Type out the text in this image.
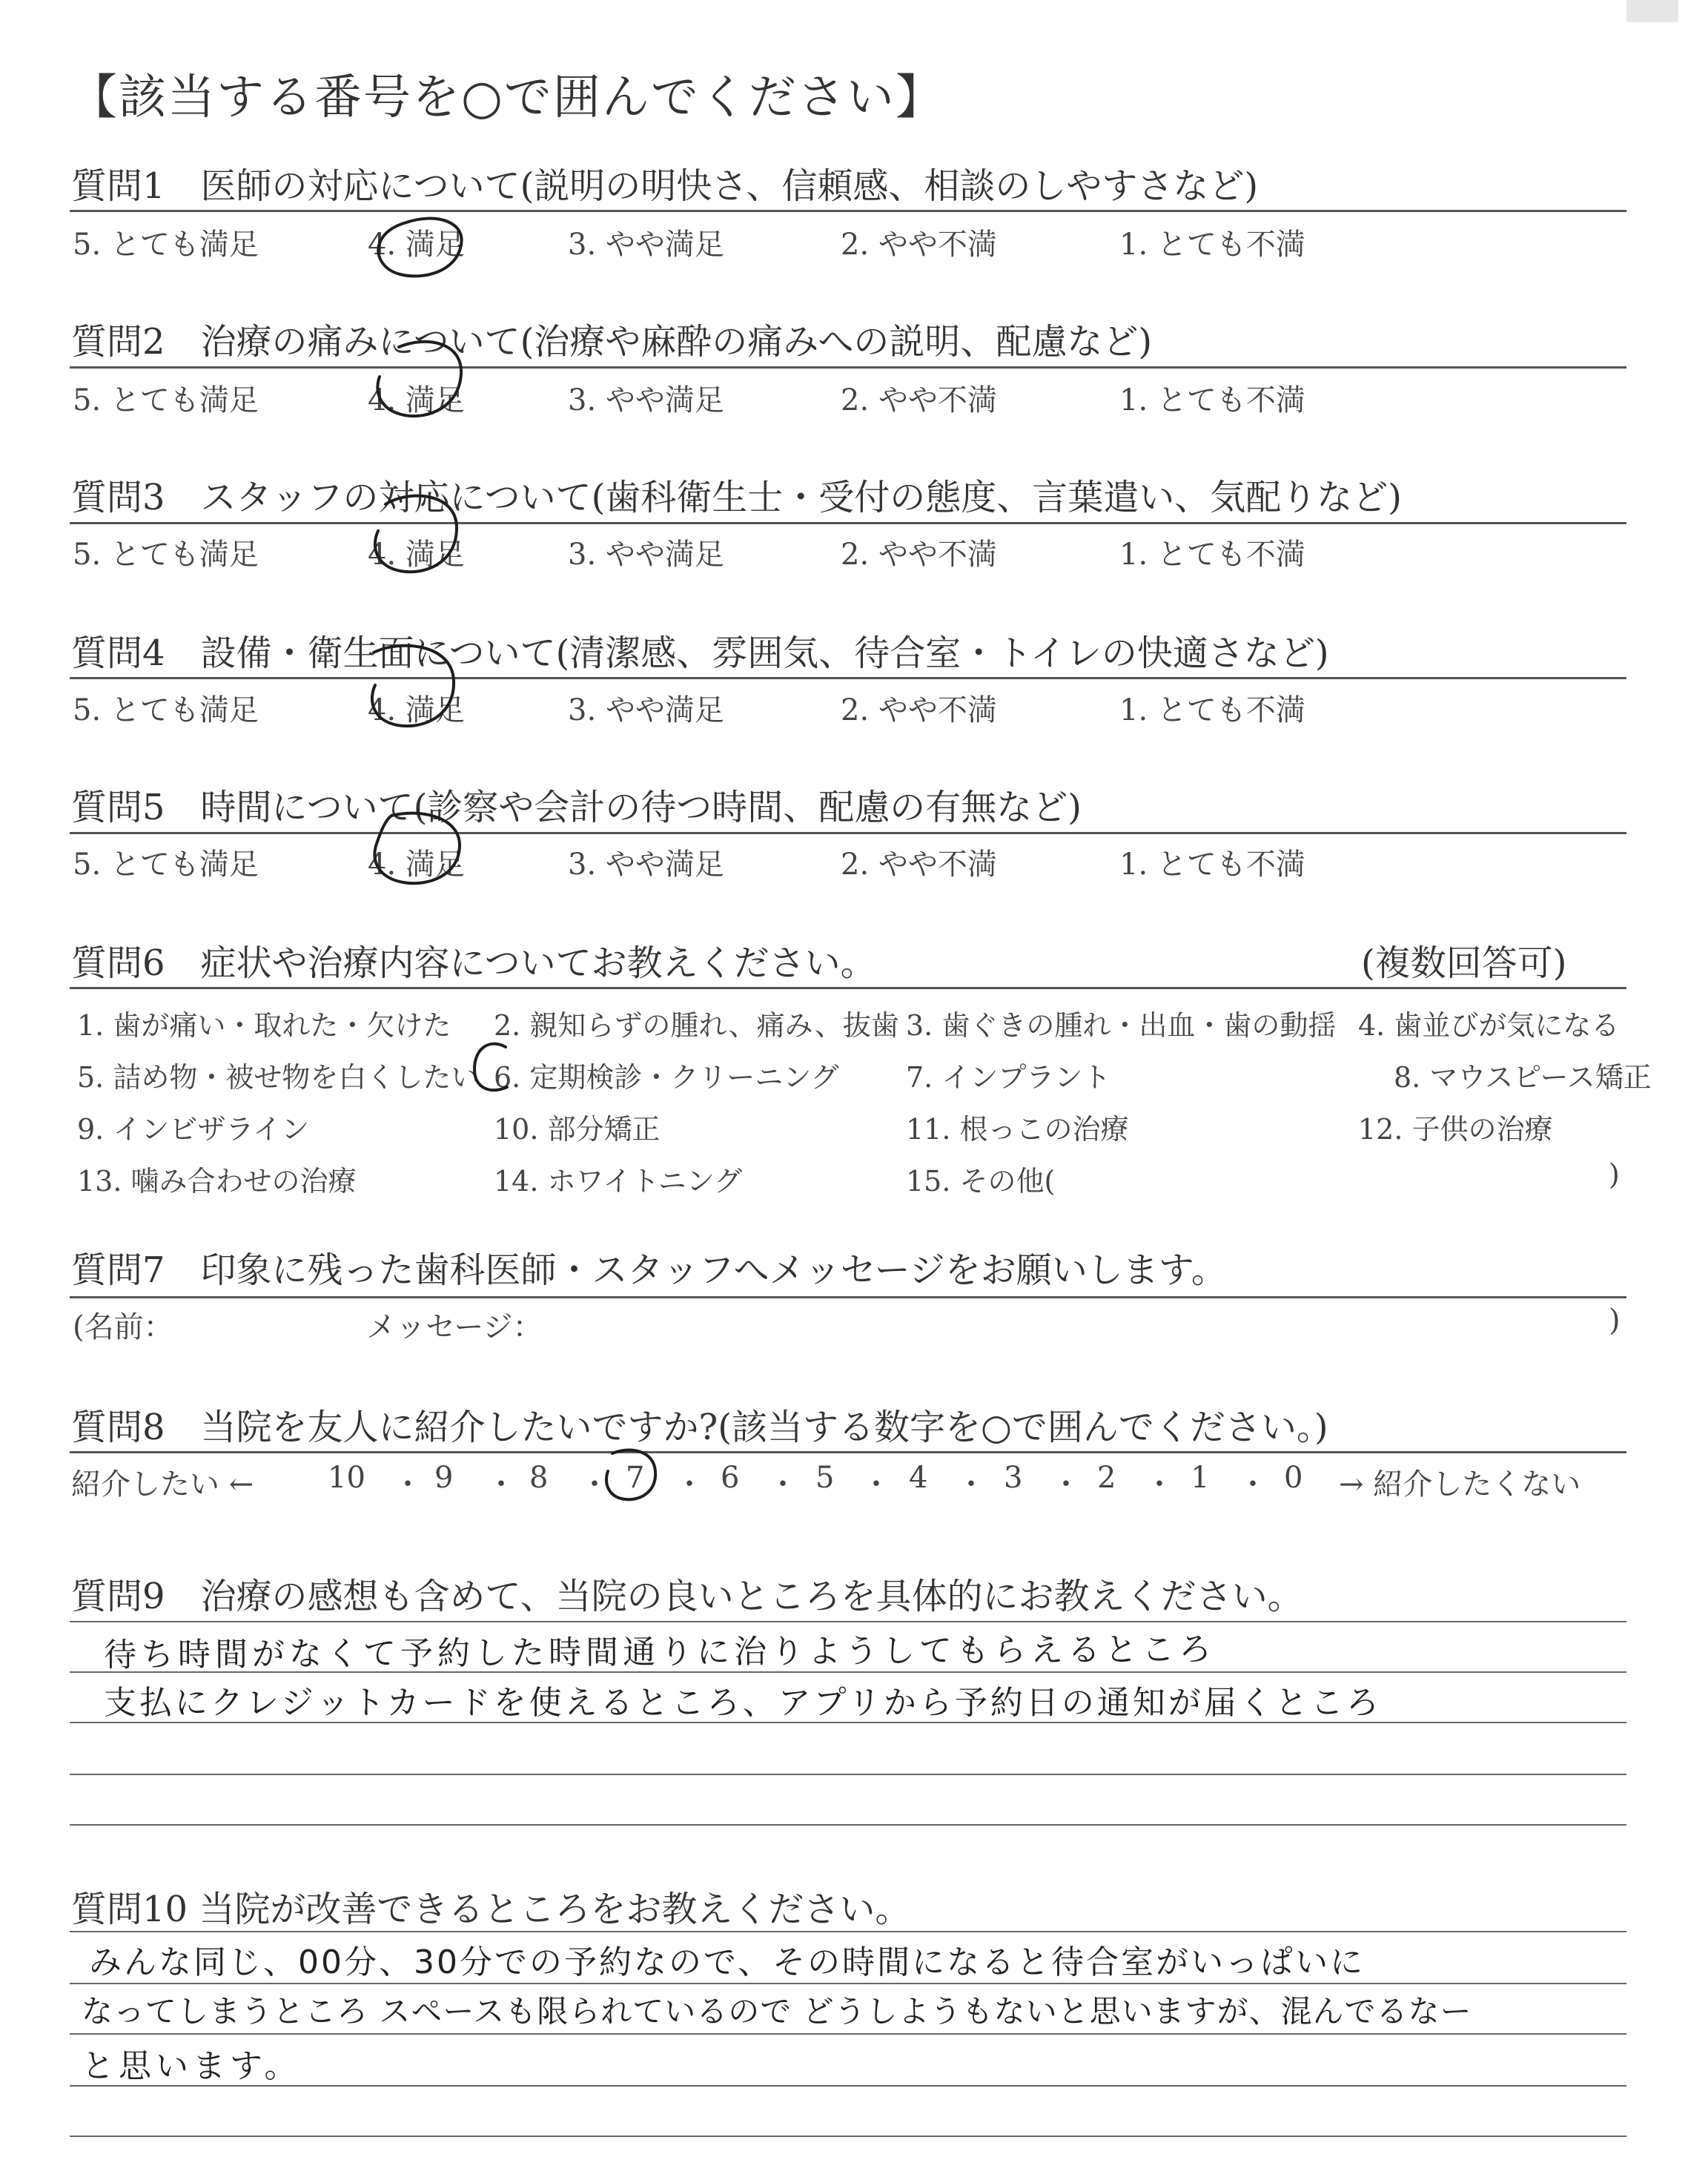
【該当する番号を○で囲んでください】
質問1　医師の対応について(説明の明快さ、信頼感、相談のしやすさなど)
5. とても満足	4. 満足	3. やや満足	2. やや不満	1. とても不満
質問2　治療の痛みについて(治療や麻酔の痛みへの説明、配慮など)
5. とても満足	4. 満足	3. やや満足	2. やや不満	1. とても不満
質問3　スタッフの対応について(歯科衛生士・受付の態度、言葉遣い、気配りなど)
5. とても満足	4. 満足	3. やや満足	2. やや不満	1. とても不満
質問4　設備・衛生面について(清潔感、雰囲気、待合室・トイレの快適さなど)
5. とても満足	4. 満足	3. やや満足	2. やや不満	1. とても不満
質問5　時間について(診察や会計の待つ時間、配慮の有無など)
5. とても満足	4. 満足	3. やや満足	2. やや不満	1. とても不満
質問6　症状や治療内容についてお教えください。	(複数回答可)
1. 歯が痛い・取れた・欠けた 2. 親知らずの腫れ、痛み、抜歯 3. 歯ぐきの腫れ・出血・歯の動揺 4. 歯並びが気になる
5. 詰め物・被せ物を白くしたい 6. 定期検診・クリーニング 7. インプラント	8. マウスピース矯正
9. インビザライン	10. 部分矯正	11. 根っこの治療	12. 子供の治療
13. 噛み合わせの治療	14. ホワイトニング	15. その他(	)
質問7　印象に残った歯科医師・スタッフへメッセージをお願いします。
(名前：	メッセージ：	)
質問8　当院を友人に紹介したいですか?(該当する数字を○で囲んでください。)
紹介したい ← 10 ・ 9 ・ 8 ・ 7 ・ 6 ・ 5 ・ 4 ・ 3 ・ 2 ・ 1 ・ 0 → 紹介したくない
質問9　治療の感想も含めて、当院の良いところを具体的にお教えください。
待ち時間がなくて予約した時間通りに治りようしてもらえるところ
支払にクレジットカードを使えるところ、アプリから予約日の通知が届くところ
質問10 当院が改善できるところをお教えください。
みんな同じ、00分、30分での予約なので、その時間になると待合室がいっぱいに
なってしまうところ スペースも限られているので どうしようもないと思いますが、混んでるなー
と思います。
